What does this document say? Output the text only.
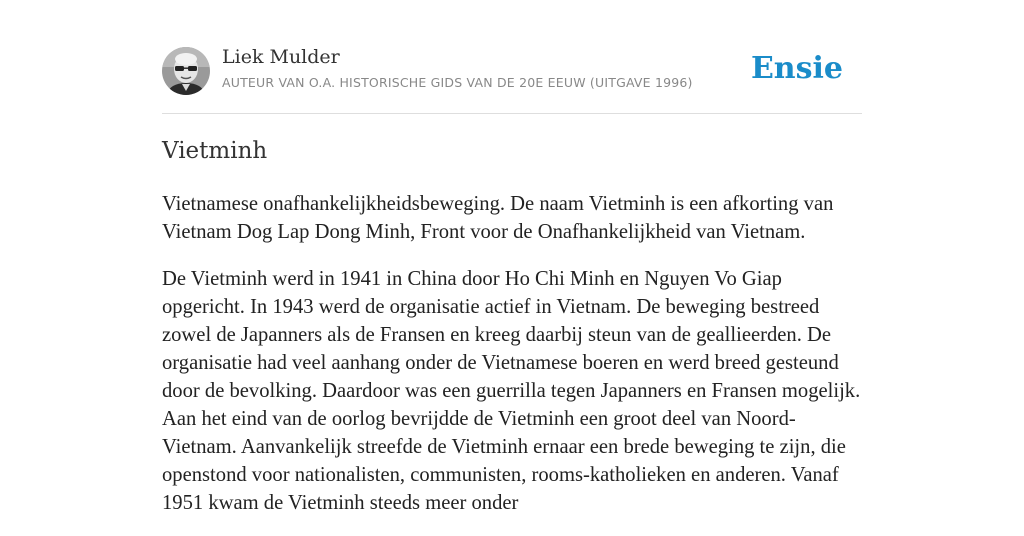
Liek Mulder
AUTEUR VAN O.A. HISTORISCHE GIDS VAN DE 20E EEUW (UITGAVE 1996) Ensie
Vietminh

Vietnamese onafhankelijkheidsbeweging. De naam Vietminh is een afkorting van Vietnam Dog Lap Dong Minh, Front voor de Onafhankelijkheid van Vietnam.

De Vietminh werd in 1941 in China door Ho Chi Minh en Nguyen Vo Giap opgericht. In 1943 werd de organisatie actief in Vietnam. De beweging bestreed zowel de Japanners als de Fransen en kreeg daarbij steun van de geallieerden. De organisatie had veel aanhang onder de Vietnamese boeren en werd breed gesteund door de bevolking. Daardoor was een guerrilla tegen Japanners en Fransen mogelijk. Aan het eind van de oorlog bevrijdde de Vietminh een groot deel van Noord-Vietnam. Aanvankelijk streefde de Vietminh ernaar een brede beweging te zijn, die openstond voor nationalisten, communisten, rooms-katholieken en anderen. Vanaf 1951 kwam de Vietminh steeds meer onder
